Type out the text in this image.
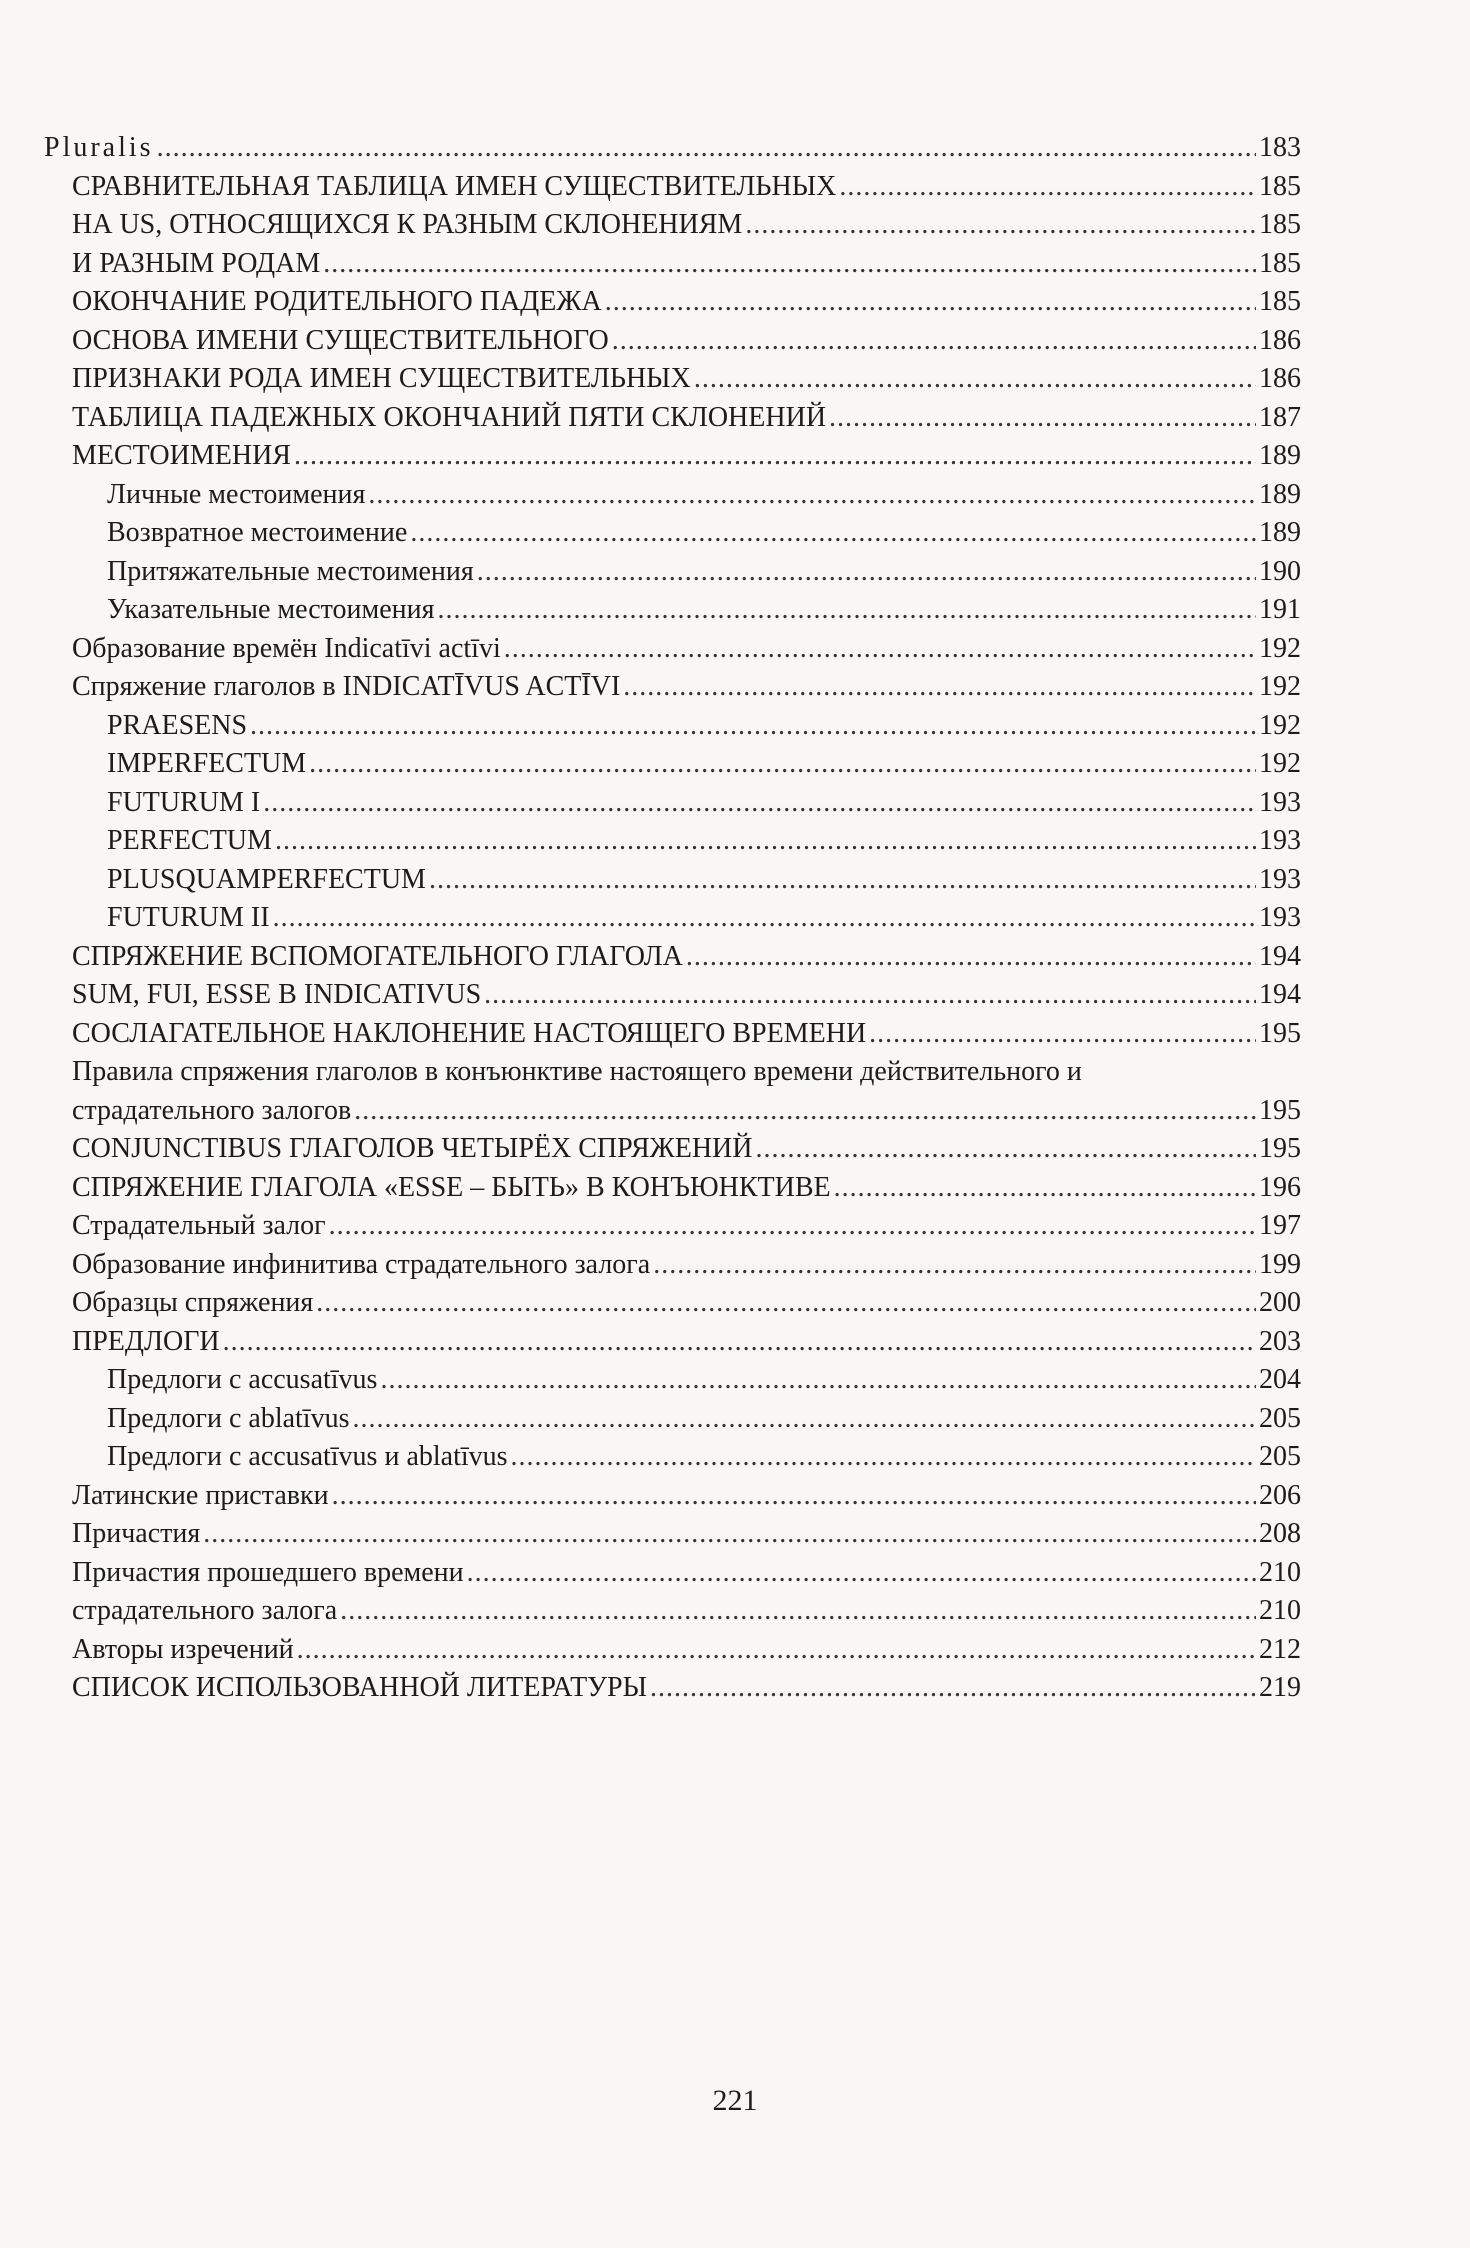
Pluralis .....	183
СРАВНИТЕЛЬНАЯ ТАБЛИЦА ИМЕН СУЩЕСТВИТЕЛЬНЫХ .....	185
НА US, ОТНОСЯЩИХСЯ К РАЗНЫМ СКЛОНЕНИЯМ .....	185
И РАЗНЫМ РОДАМ .....	185
ОКОНЧАНИЕ РОДИТЕЛЬНОГО ПАДЕЖА .....	185
ОСНОВА ИМЕНИ СУЩЕСТВИТЕЛЬНОГО .....	186
ПРИЗНАКИ РОДА ИМЕН СУЩЕСТВИТЕЛЬНЫХ .....	186
ТАБЛИЦА ПАДЕЖНЫХ ОКОНЧАНИЙ ПЯТИ СКЛОНЕНИЙ .....	187
МЕСТОИМЕНИЯ .....	189
Личные местоимения .....	189
Возвратное местоимение .....	189
Притяжательные местоимения .....	190
Указательные местоимения .....	191
Образование времён Indicatīvi actīvi .....	192
Спряжение глаголов в INDICATĪVUS ACTĪVI .....	192
PRAESENS .....	192
IMPERFECTUM .....	192
FUTURUM I .....	193
PERFECTUM .....	193
PLUSQUAMPERFECTUM .....	193
FUTURUM II .....	193
СПРЯЖЕНИЕ ВСПОМОГАТЕЛЬНОГО ГЛАГОЛА .....	194
SUM, FUI, ESSE В INDICATIVUS .....	194
СОСЛАГАТЕЛЬНОЕ НАКЛОНЕНИЕ НАСТОЯЩЕГО ВРЕМЕНИ .....	195
Правила спряжения глаголов в конъюнктиве настоящего времени действительного и
страдательного залогов .....	195
CONJUNCTIBUS ГЛАГОЛОВ ЧЕТЫРЁХ СПРЯЖЕНИЙ .....	195
СПРЯЖЕНИЕ ГЛАГОЛА «ESSE – БЫТЬ» В КОНЪЮНКТИВЕ .....	196
Страдательный залог .....	197
Образование инфинитива страдательного залога .....	199
Образцы спряжения .....	200
ПРЕДЛОГИ .....	203
Предлоги с accusatīvus .....	204
Предлоги с ablatīvus .....	205
Предлоги с accusatīvus и ablatīvus .....	205
Латинские приставки .....	206
Причастия .....	208
Причастия прошедшего времени .....	210
страдательного залога .....	210
Авторы изречений .....	212
СПИСОК ИСПОЛЬЗОВАННОЙ ЛИТЕРАТУРЫ .....	219
221
